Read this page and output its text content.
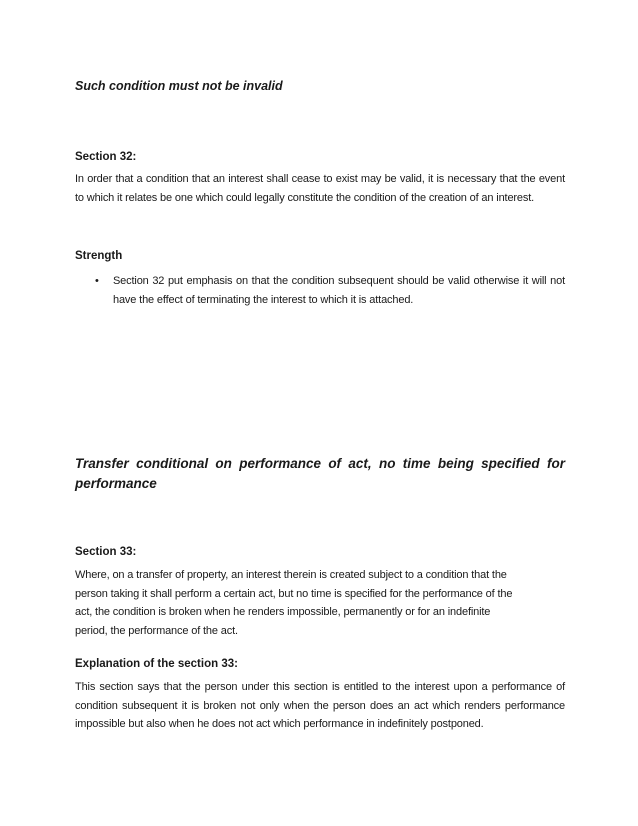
Such condition must not be invalid

Section 32:

In order that a condition that an interest shall cease to exist may be valid, it is necessary that the event to which it relates be one which could legally constitute the condition of the creation of an interest.

Strength

•	Section 32 put emphasis on that the condition subsequent should be valid otherwise it will not have the effect of terminating the interest to which it is attached.

Transfer conditional on performance of act, no time being specified for performance

Section 33:

Where, on a transfer of property, an interest therein is created subject to a condition that the
person taking it shall perform a certain act, but no time is specified for the performance of the
act, the condition is broken when he renders impossible, permanently or for an indefinite
period, the performance of the act.

Explanation of the section 33:

This section says that the person under this section is entitled to the interest upon a performance of condition subsequent it is broken not only when the person does an act which renders performance impossible but also when he does not act which performance in indefinitely postponed.
